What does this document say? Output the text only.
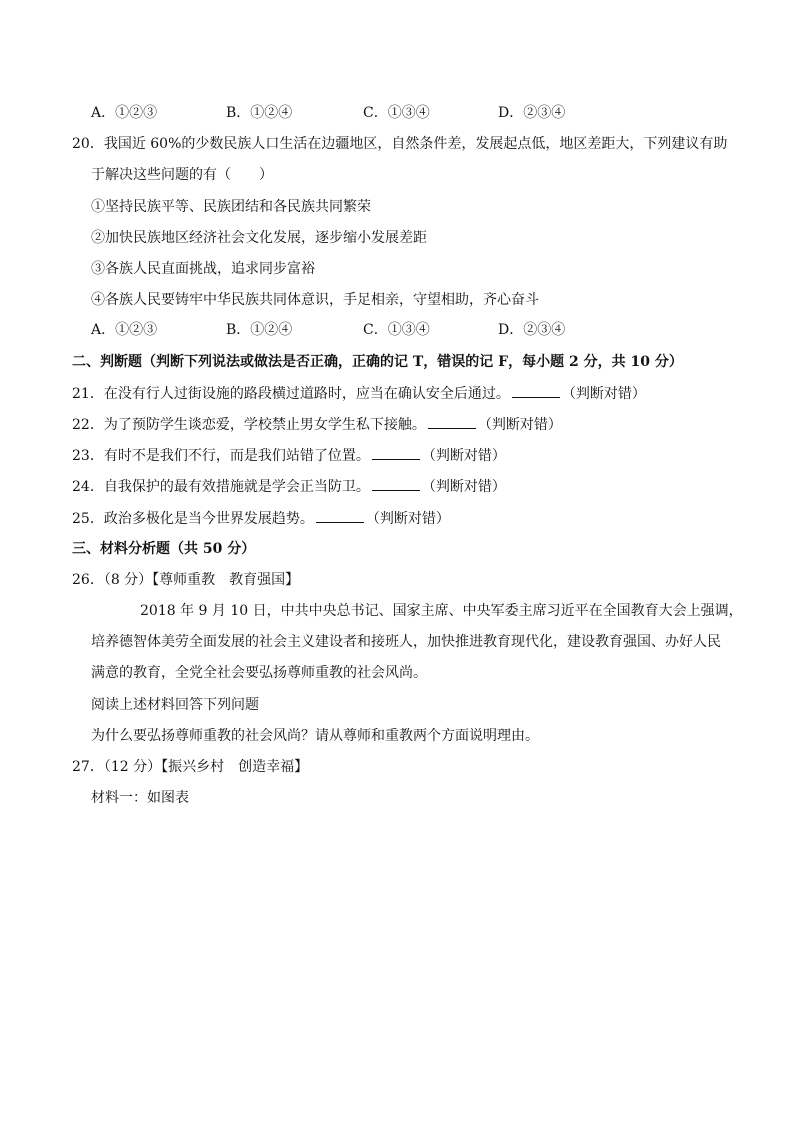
A．①②③	B．①②④	C．①③④	D．②③④
20．我国近 60%的少数民族人口生活在边疆地区，自然条件差，发展起点低，地区差距大，下列建议有助
于解决这些问题的有（　　）
①坚持民族平等、民族团结和各民族共同繁荣
②加快民族地区经济社会文化发展，逐步缩小发展差距
③各族人民直面挑战，追求同步富裕
④各族人民要铸牢中华民族共同体意识，手足相亲，守望相助，齐心奋斗
A．①②③	B．①②④	C．①③④	D．②③④
二、判断题（判断下列说法或做法是否正确，正确的记 T，错误的记 F，每小题 2 分，共 10 分）
21．在没有行人过街设施的路段横过道路时，应当在确认安全后通过。	（判断对错）
22．为了预防学生谈恋爱，学校禁止男女学生私下接触。	（判断对错）
23．有时不是我们不行，而是我们站错了位置。	（判断对错）
24．自我保护的最有效措施就是学会正当防卫。	（判断对错）
25．政治多极化是当今世界发展趋势。	（判断对错）
三、材料分析题（共 50 分）
26．（8 分）【尊师重教　教育强国】
2018 年 9 月 10 日，中共中央总书记、国家主席、中央军委主席习近平在全国教育大会上强调，
培养德智体美劳全面发展的社会主义建设者和接班人，加快推进教育现代化，建设教育强国、办好人民
满意的教育，全党全社会要弘扬尊师重教的社会风尚。
阅读上述材料回答下列问题
为什么要弘扬尊师重教的社会风尚？请从尊师和重教两个方面说明理由。
27．（12 分）【振兴乡村　创造幸福】
材料一：如图表
